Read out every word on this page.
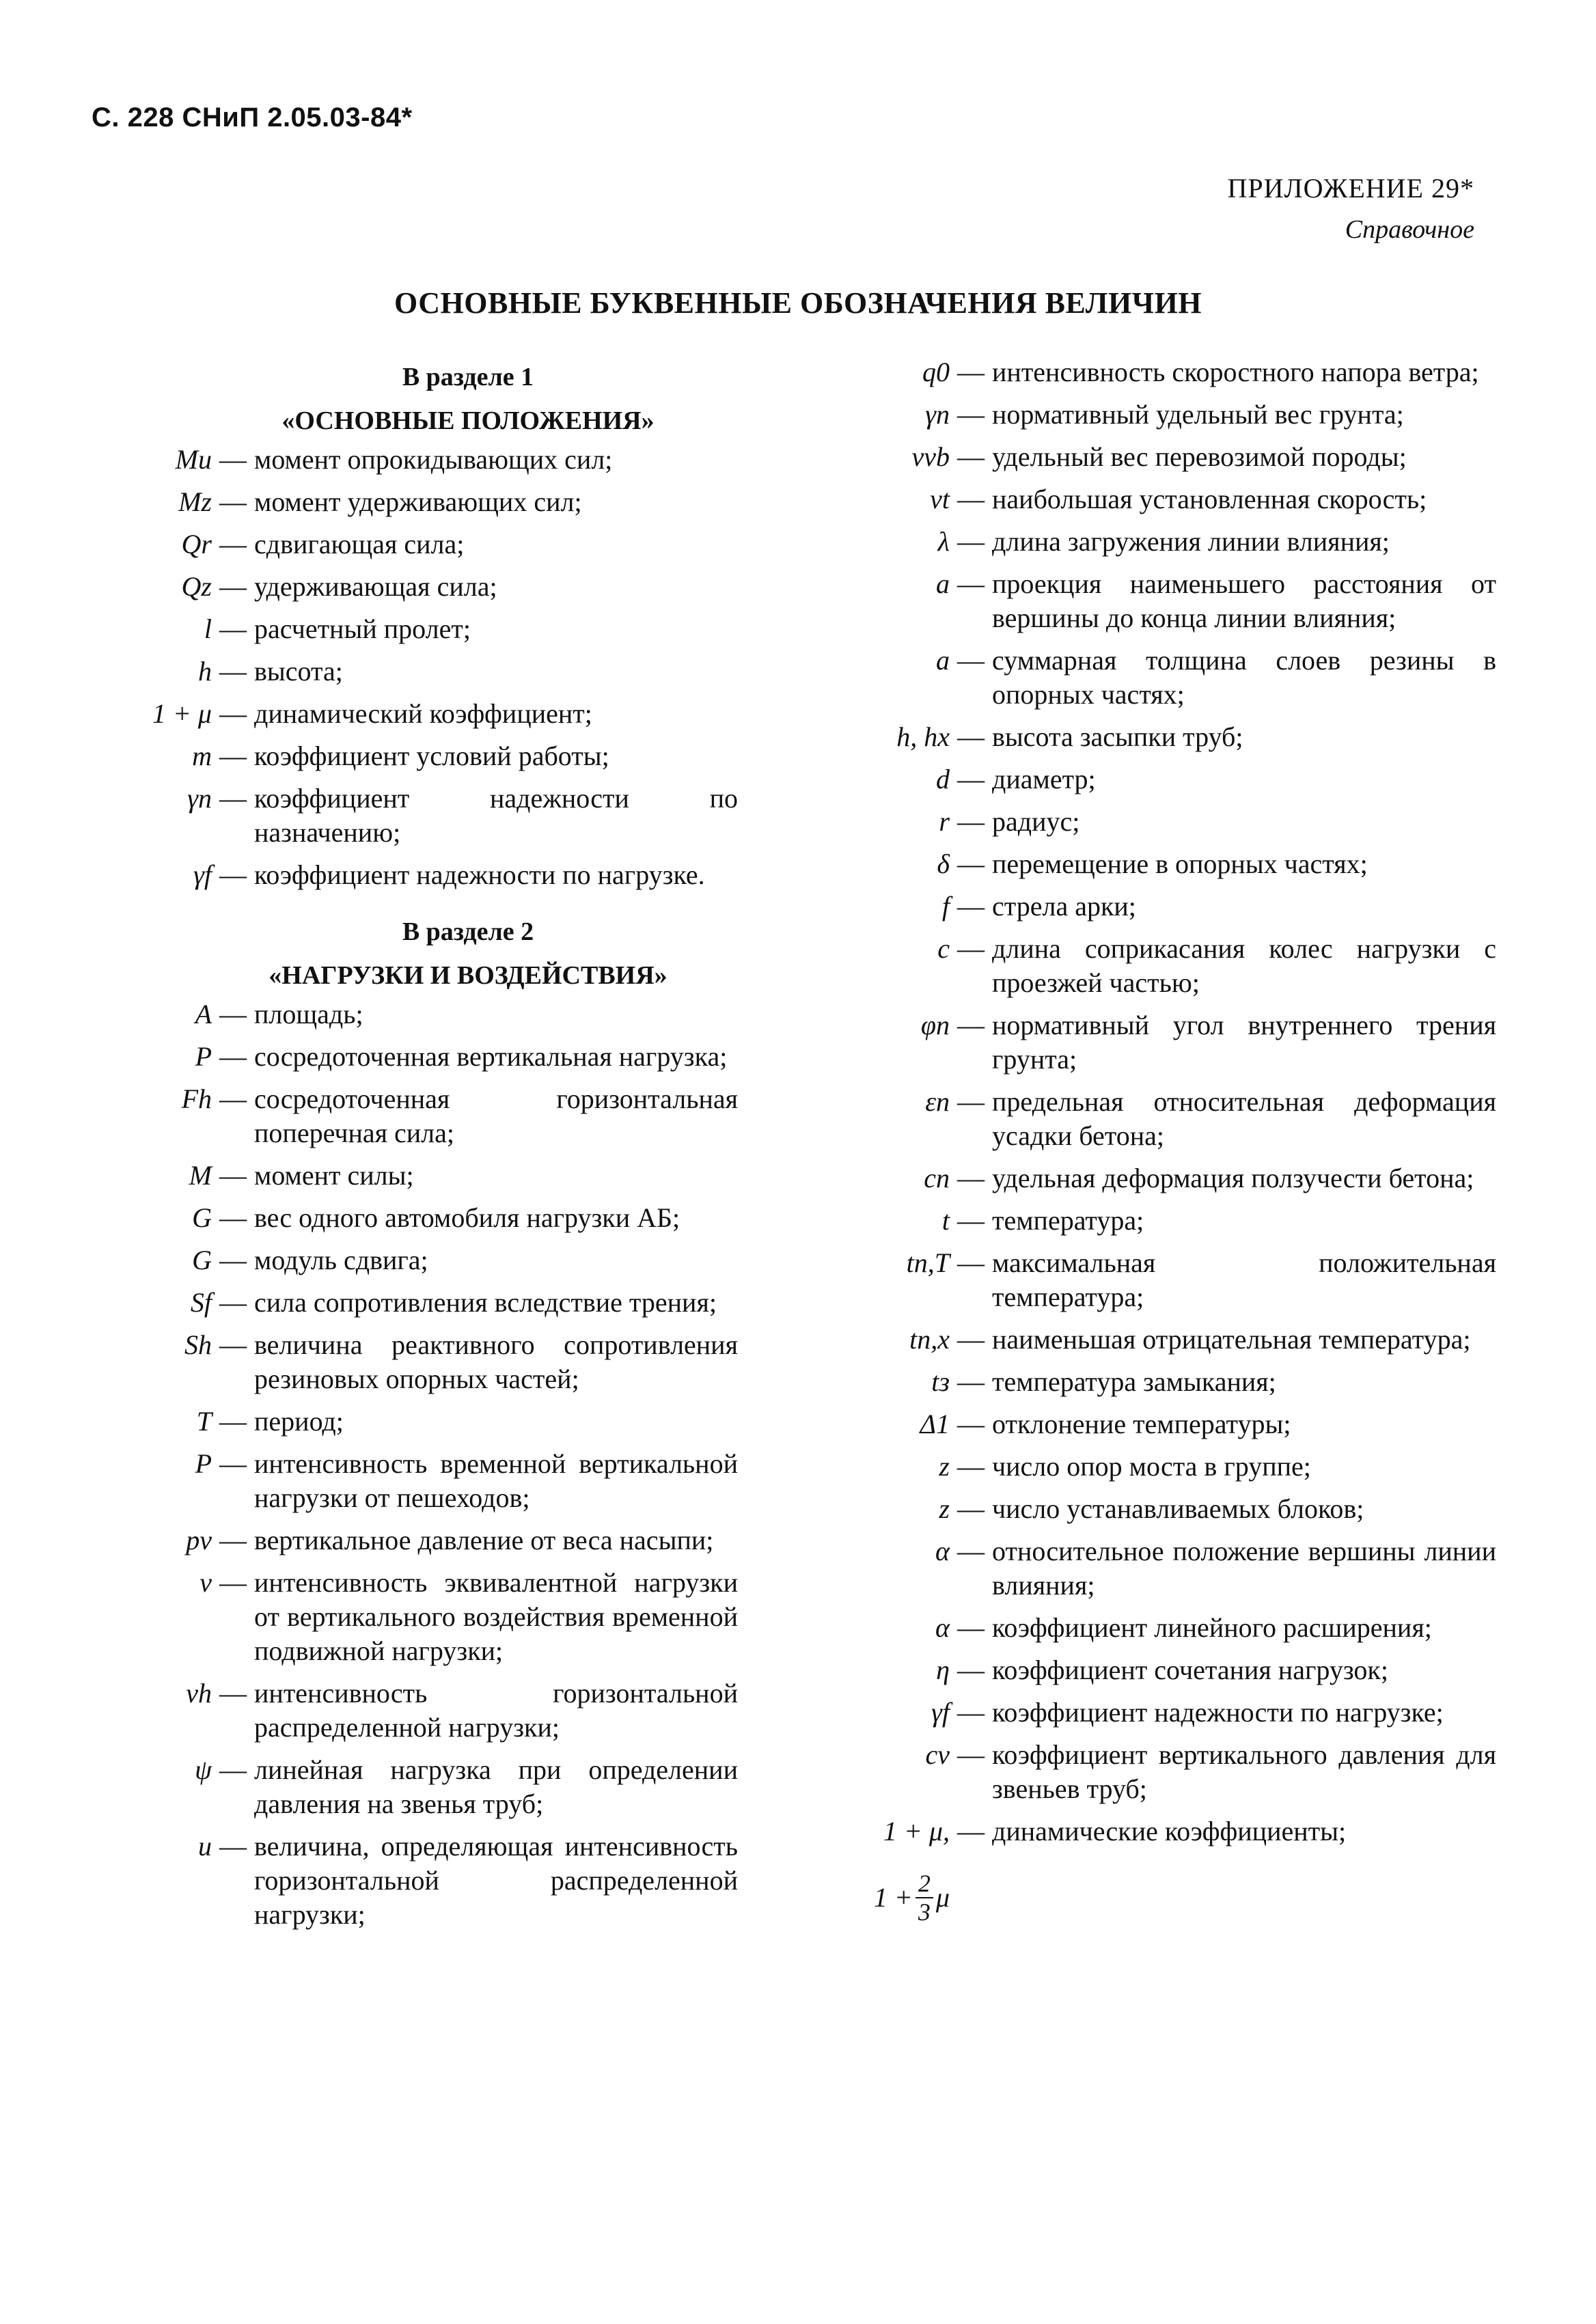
С. 228 СНиП 2.05.03-84*
ПРИЛОЖЕНИЕ 29*
Справочное
ОСНОВНЫЕ БУКВЕННЫЕ ОБОЗНАЧЕНИЯ ВЕЛИЧИН
В разделе 1
«ОСНОВНЫЕ ПОЛОЖЕНИЯ»
Mu — момент опрокидывающих сил;
Mz — момент удерживающих сил;
Qr — сдвигающая сила;
Qz — удерживающая сила;
l — расчетный пролет;
h — высота;
1 + μ — динамический коэффициент;
m — коэффициент условий работы;
γn — коэффициент надежности по назначению;
γf — коэффициент надежности по нагрузке.
В разделе 2
«НАГРУЗКИ И ВОЗДЕЙСТВИЯ»
A — площадь;
P — сосредоточенная вертикальная нагрузка;
Fh — сосредоточенная горизонтальная поперечная сила;
M — момент силы;
G — вес одного автомобиля нагрузки АБ;
G — модуль сдвига;
Sf — сила сопротивления вследствие трения;
Sh — величина реактивного сопротивления резиновых опорных частей;
T — период;
P — интенсивность временной вертикальной нагрузки от пешеходов;
pv — вертикальное давление от веса насыпи;
v — интенсивность эквивалентной нагрузки от вертикального воздействия временной подвижной нагрузки;
vh — интенсивность горизонтальной распределенной нагрузки;
ψ — линейная нагрузка при определении давления на звенья труб;
u — величина, определяющая интенсивность горизонтальной распределенной нагрузки;
q0 — интенсивность скоростного напора ветра;
γn — нормативный удельный вес грунта;
vvb — удельный вес перевозимой породы;
vt — наибольшая установленная скорость;
λ — длина загружения линии влияния;
a — проекция наименьшего расстояния от вершины до конца линии влияния;
a — суммарная толщина слоев резины в опорных частях;
h, hx — высота засыпки труб;
d — диаметр;
r — радиус;
δ — перемещение в опорных частях;
f — стрела арки;
c — длина соприкасания колес нагрузки с проезжей частью;
φn — нормативный угол внутреннего трения грунта;
εn — предельная относительная деформация усадки бетона;
cn — удельная деформация ползучести бетона;
t — температура;
tn,T — максимальная положительная температура;
tn,x — наименьшая отрицательная температура;
tз — температура замыкания;
Δ1 — отклонение температуры;
z — число опор моста в группе;
z — число устанавливаемых блоков;
α — относительное положение вершины линии влияния;
α — коэффициент линейного расширения;
η — коэффициент сочетания нагрузок;
γf — коэффициент надежности по нагрузке;
cv — коэффициент вертикального давления для звеньев труб;
1 + μ, — динамические коэффициенты;
$1 + \frac{2}{3}$ μ
